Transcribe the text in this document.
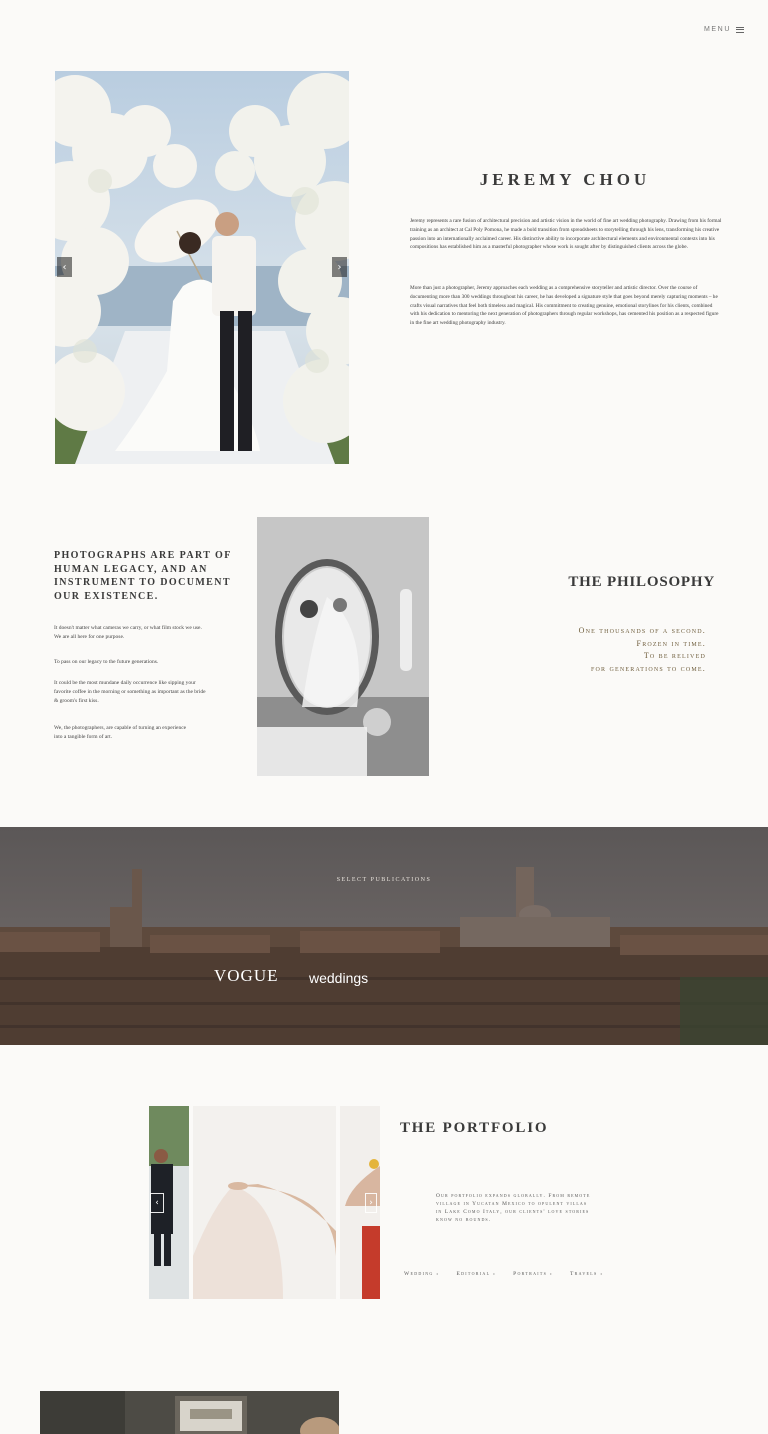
MENU
‹	›
JEREMY CHOU

Jeremy represents a rare fusion of architectural precision and artistic vision in the world of fine art wedding photography. Drawing from his formal training as an architect at Cal Poly Pomona, he made a bold transition from spreadsheets to storytelling through his lens, transforming his creative passion into an internationally acclaimed career. His distinctive ability to incorporate architectural elements and environmental contexts into his compositions has established him as a masterful photographer whose work is sought after by distinguished clients across the globe.

More than just a photographer, Jeremy approaches each wedding as a comprehensive storyteller and artistic director. Over the course of documenting more than 300 weddings throughout his career, he has developed a signature style that goes beyond merely capturing moments – he crafts visual narratives that feel both timeless and magical. His commitment to creating genuine, emotional storylines for his clients, combined with his dedication to mentoring the next generation of photographers through regular workshops, has cemented his position as a respected figure in the fine art wedding photography industry.

PHOTOGRAPHS ARE PART OF HUMAN LEGACY, AND AN INSTRUMENT TO DOCUMENT OUR EXISTENCE.

It doesn't matter what cameras we carry, or what film stock we use. We are all here for one purpose.

To pass on our legacy to the future generations.

It could be the most mundane daily occurrence like sipping your favorite coffee in the morning or something as important as the bride & groom's first kiss.

We, the photographers, are capable of turning an experience into a tangible form of art.

THE PHILOSOPHY
One thousands of a second.
Frozen in time.
To be relived
for generations to come.
SELECT PUBLICATIONS
VOGUE weddings
‹	›
THE PORTFOLIO

Our portfolio expands globally. From remote village in Yucatan Mexico to opulent villas in Lake Como Italy, our clients' love stories know no bounds.

Wedding ›	Editorial ›	Portraits ›	Travels ›
